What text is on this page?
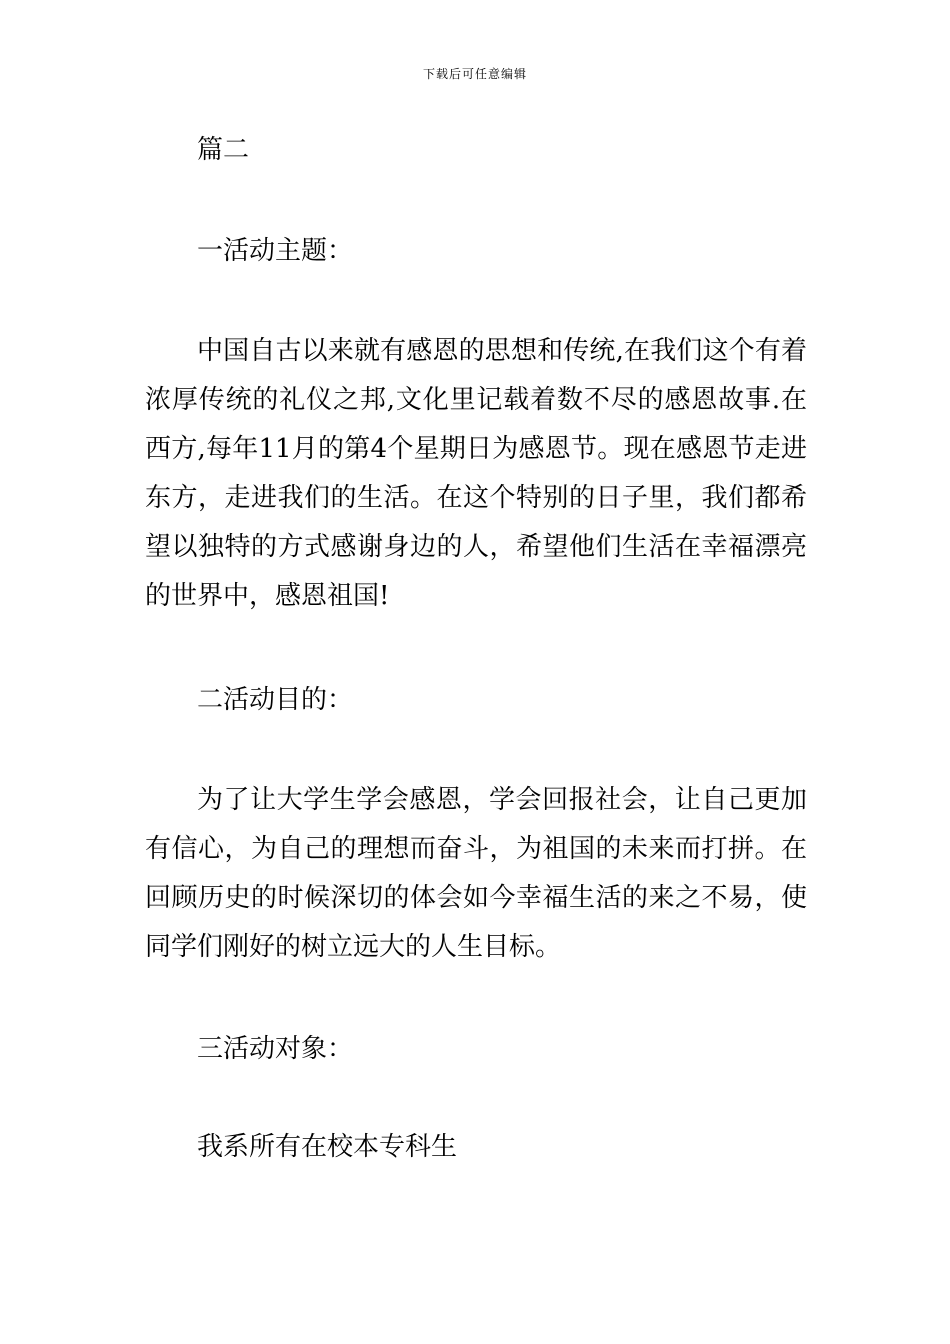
下载后可任意编辑

篇二

一活动主题：

中国自古以来就有感恩的思想和传统,在我们这个有着浓厚传统的礼仪之邦,文化里记载着数不尽的感恩故事.在西方,每年11月的第4个星期日为感恩节。现在感恩节走进东方，走进我们的生活。在这个特别的日子里，我们都希望以独特的方式感谢身边的人，希望他们生活在幸福漂亮的世界中，感恩祖国!

二活动目的：

为了让大学生学会感恩，学会回报社会，让自己更加有信心，为自己的理想而奋斗，为祖国的未来而打拼。在回顾历史的时候深切的体会如今幸福生活的来之不易，使同学们刚好的树立远大的人生目标。

三活动对象：

我系所有在校本专科生
